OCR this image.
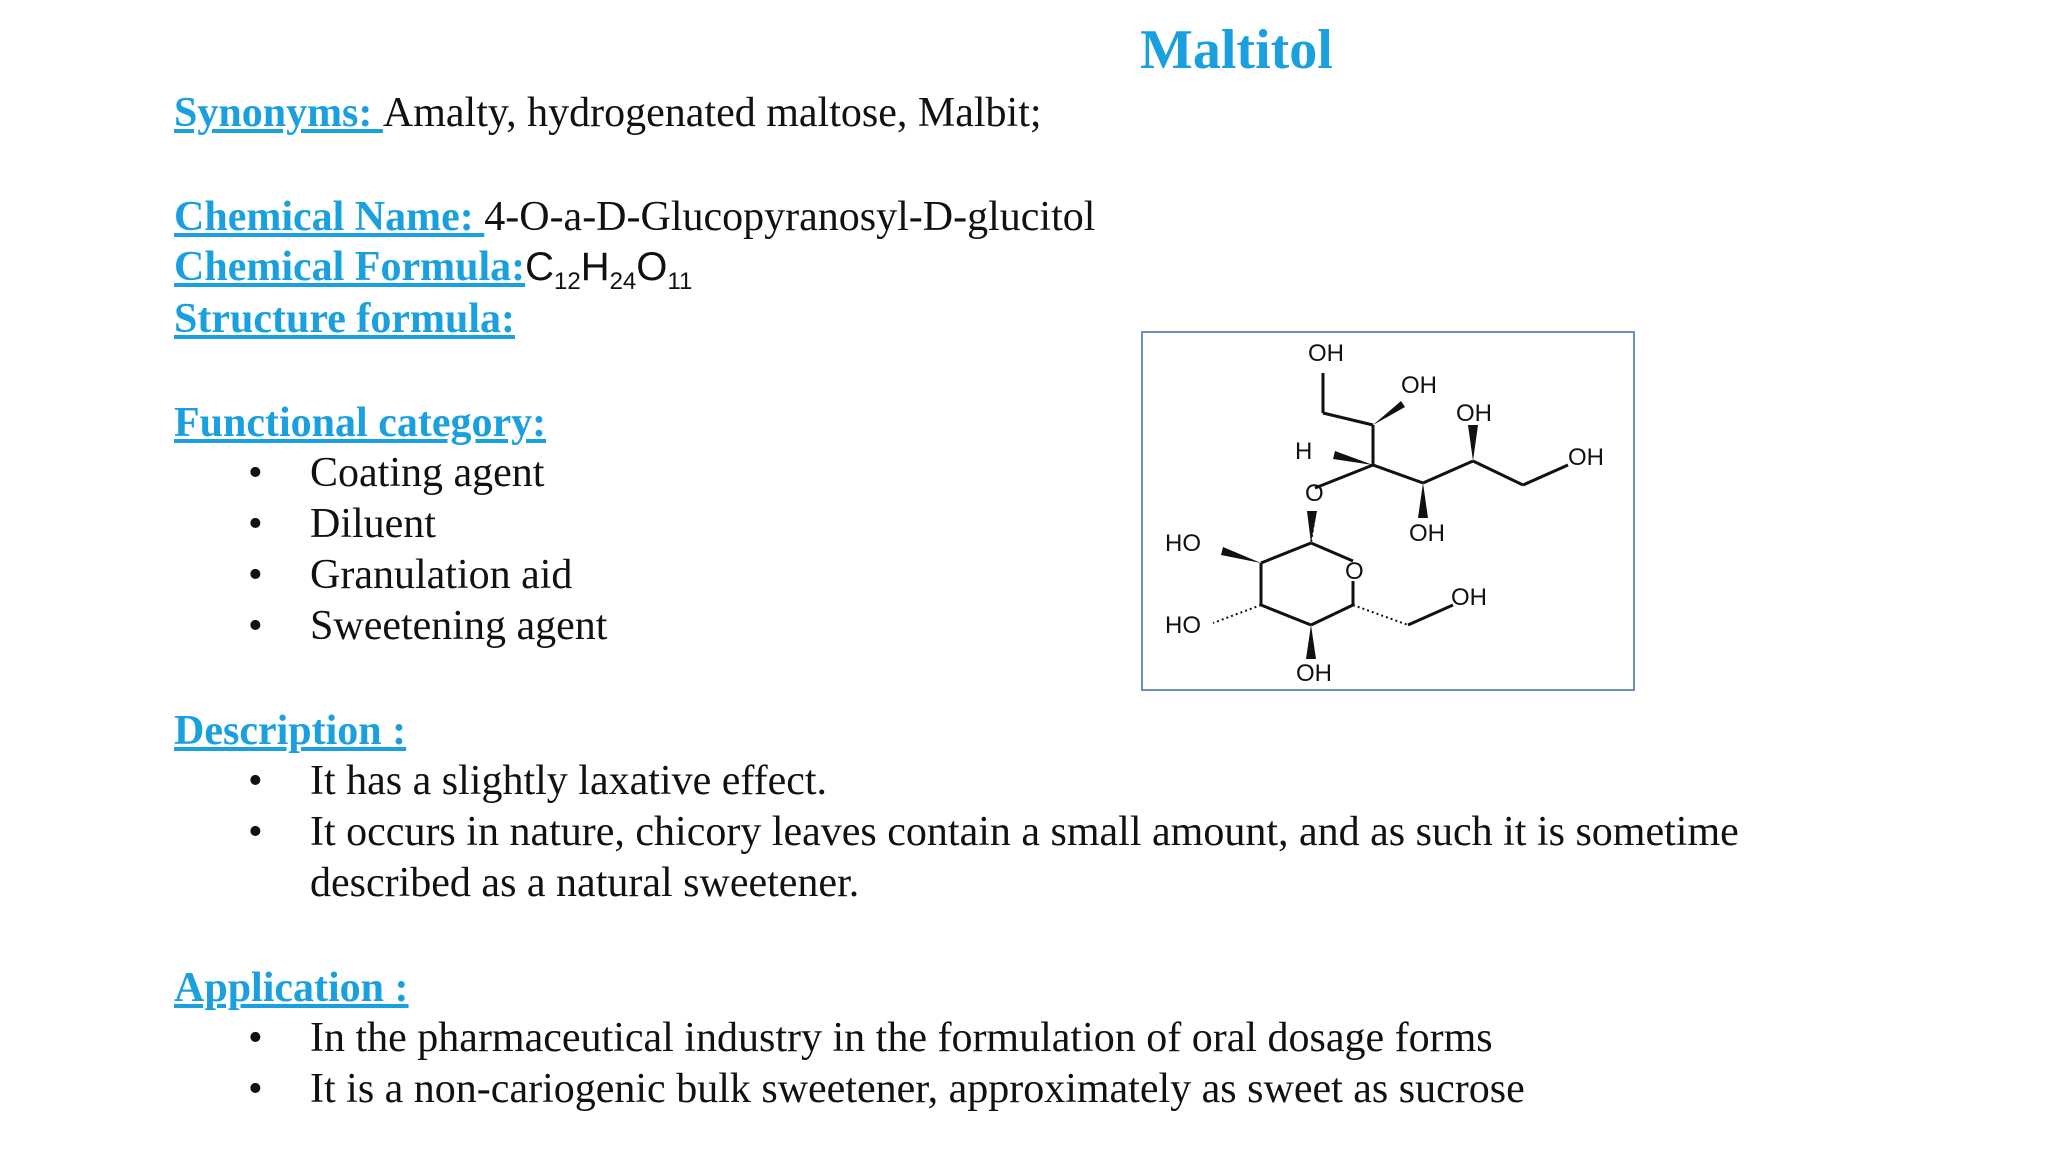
Maltitol
Synonyms: Amalty, hydrogenated maltose, Malbit;
Chemical Name: 4-O-a-D-Glucopyranosyl-D-glucitol
Chemical $Formula:C_{12}H_{24}O_{11}$
Structure formula:
Functional category:
• Coating agent
• Diluent
• Granulation aid
• Sweetening agent
Description :
• It has a slightly laxative effect.
• It occurs in nature, chicory leaves contain a small amount, and as such it is sometime
described as a natural sweetener.
Application :
• In the pharmaceutical industry in the formulation of oral dosage forms
• It is a non-cariogenic bulk sweetener, approximately as sweet as sucrose
OH
OH
OH
OH
OH
OH
OH
HO
HO
H
O
O
